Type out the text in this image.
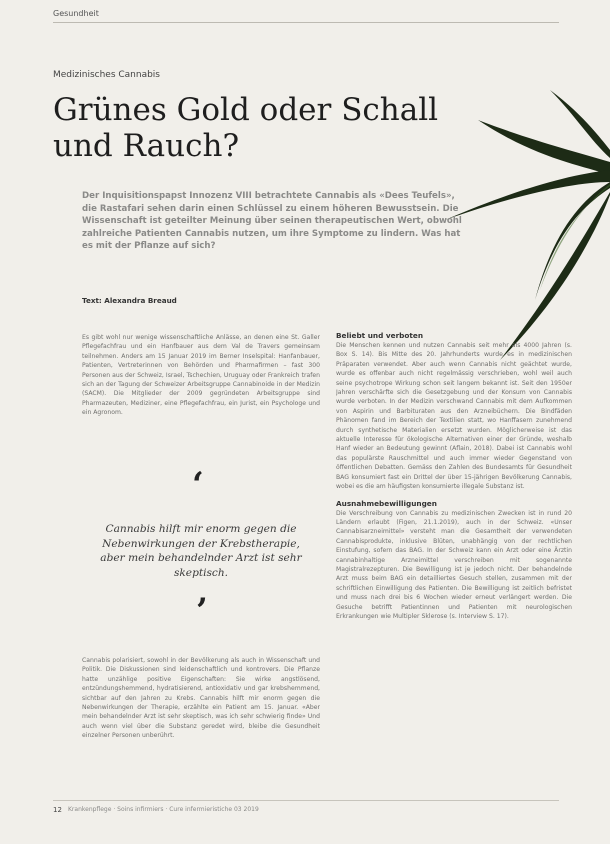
Gesundheit
Medizinisches Cannabis
Grünes Gold oder Schall
und Rauch?

Der Inquisitionspapst Innozenz VIII betrachtete Cannabis als «Dees Teufels», die Rastafari sehen darin einen Schlüssel zu einem höheren Bewusstsein. Die Wissenschaft ist geteilter Meinung über seinen therapeutischen Wert, obwohl zahlreiche Patienten Cannabis nutzen, um ihre Symptome zu lindern. Was hat es mit der Pflanze auf sich?

Text: Alexandra Breaud

Es gibt wohl nur wenige wissenschaftliche Anlässe, an denen eine St. Galler Pflegefachfrau und ein Hanfbauer aus dem Val de Travers gemeinsam teilnehmen. Anders am 15 Januar 2019 im Berner Inselspital: Hanfanbauer, Patienten, Vertreterinnen von Behörden und Pharmafirmen – fast 300 Personen aus der Schweiz, Israel, Tschechien, Uruguay oder Frankreich trafen sich an der Tagung der Schweizer Arbeitsgruppe Cannabinoide in der Medizin (SACM). Die Mitglieder der 2009 gegründeten Arbeitsgruppe sind Pharmazeuten, Mediziner, eine Pflegefachfrau, ein Jurist, ein Psychologe und ein Agronom.

‘

Cannabis hilft mir enorm gegen die Nebenwirkungen der Krebstherapie, aber mein behandelnder Arzt ist sehr skeptisch.

’

Cannabis polarisiert, sowohl in der Bevölkerung als auch in Wissenschaft und Politik. Die Diskussionen sind leidenschaftlich und kontrovers. Die Pflanze hatte unzählige positive Eigenschaften: Sie wirke angstlösend, entzündungshemmend, hydratisierend, antioxidativ und gar krebshemmend, sichtbar auf den Jahren zu Krebs. Cannabis hilft mir enorm gegen die Nebenwirkungen der Therapie, erzählte ein Patient am 15. Januar. «Aber mein behandelnder Arzt ist sehr skeptisch, was ich sehr schwierig finde» Und auch wenn viel über die Substanz geredet wird, bleibe die Gesundheit einzelner Personen unberührt.

Beliebt und verboten

Die Menschen kennen und nutzen Cannabis seit mehr als 4000 Jahren (s. Box S. 14). Bis Mitte des 20. Jahrhunderts wurde es in medizinischen Präparaten verwendet. Aber auch wenn Cannabis nicht geächtet wurde, wurde es offenbar auch nicht regelmässig verschrieben, wohl weil auch seine psychotrope Wirkung schon seit langem bekannt ist. Seit den 1950er Jahren verschärfte sich die Gesetzgebung und der Konsum von Cannabis wurde verboten. In der Medizin verschwand Cannabis mit dem Aufkommen von Aspirin und Barbituraten aus den Arzneibüchern. Die Bindfäden Phänomen fand im Bereich der Textilien statt, wo Hanffasern zunehmend durch synthetische Materialien ersetzt wurden. Möglicherweise ist das aktuelle Interesse für ökologische Alternativen einer der Gründe, weshalb Hanf wieder an Bedeutung gewinnt (Aflain, 2018). Dabei ist Cannabis wohl das populärste Rauschmittel und auch immer wieder Gegenstand von öffentlichen Debatten. Gemäss den Zahlen des Bundesamts für Gesundheit BAG konsumiert fast ein Drittel der über 15-jährigen Bevölkerung Cannabis, wobei es die am häufigsten konsumierte illegale Substanz ist.

Ausnahmebewilligungen

Die Verschreibung von Cannabis zu medizinischen Zwecken ist in rund 20 Ländern erlaubt (Figen, 21.1.2019), auch in der Schweiz. «Unser Cannabisarzneimittel» versteht man die Gesamtheit der verwendeten Cannabisprodukte, inklusive Blüten, unabhängig von der rechtlichen Einstufung, sofern das BAG. In der Schweiz kann ein Arzt oder eine Ärztin cannabinhaltige Arzneimittel verschreiben mit sogenannte Magistralrezepturen. Die Bewilligung ist je jedoch nicht. Der behandelnde Arzt muss beim BAG ein detailliertes Gesuch stellen, zusammen mit der schriftlichen Einwilligung des Patienten. Die Bewilligung ist zeitlich befristet und muss nach drei bis 6 Wochen wieder erneut verlängert werden. Die Gesuche betrifft Patientinnen und Patienten mit neurologischen Erkrankungen wie Multipler Sklerose (s. Interview S. 17).

12 Krankenpflege · Soins infirmiers · Cure infermieristiche 03 2019
